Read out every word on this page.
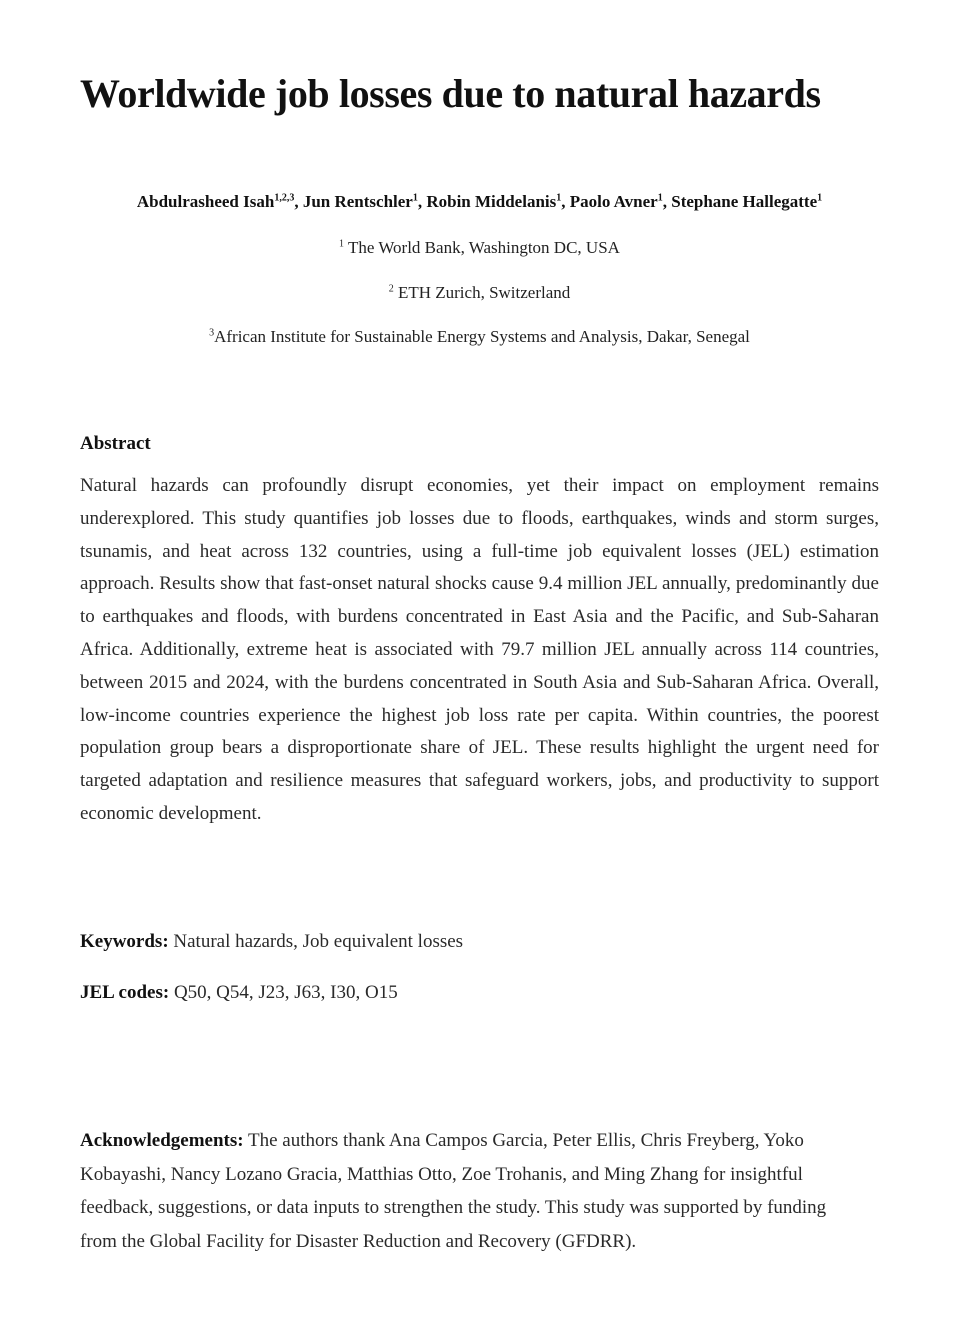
Worldwide job losses due to natural hazards
Abdulrasheed Isah$^{1,2,3}$, Jun Rentschler$^1$, Robin Middelanis$^1$, Paolo Avner$^1$, Stephane Hallegatte$^1$
$^1$ The World Bank, Washington DC, USA
$^2$ ETH Zurich, Switzerland
$^3$African Institute for Sustainable Energy Systems and Analysis, Dakar, Senegal
Abstract

Natural hazards can profoundly disrupt economies, yet their impact on employment remains underexplored. This study quantifies job losses due to floods, earthquakes, winds and storm surges, tsunamis, and heat across 132 countries, using a full-time job equivalent losses (JEL) estimation approach. Results show that fast-onset natural shocks cause 9.4 million JEL annually, predominantly due to earthquakes and floods, with burdens concentrated in East Asia and the Pacific, and Sub-Saharan Africa. Additionally, extreme heat is associated with 79.7 million JEL annually across 114 countries, between 2015 and 2024, with the burdens concentrated in South Asia and Sub-Saharan Africa. Overall, low-income countries experience the highest job loss rate per capita. Within countries, the poorest population group bears a disproportionate share of JEL. These results highlight the urgent need for targeted adaptation and resilience measures that safeguard workers, jobs, and productivity to support economic development.

Keywords: Natural hazards, Job equivalent losses

JEL codes: Q50, Q54, J23, J63, I30, O15

Acknowledgements: The authors thank Ana Campos Garcia, Peter Ellis, Chris Freyberg, Yoko Kobayashi, Nancy Lozano Gracia, Matthias Otto, Zoe Trohanis, and Ming Zhang for insightful feedback, suggestions, or data inputs to strengthen the study. This study was supported by funding from the Global Facility for Disaster Reduction and Recovery (GFDRR).
